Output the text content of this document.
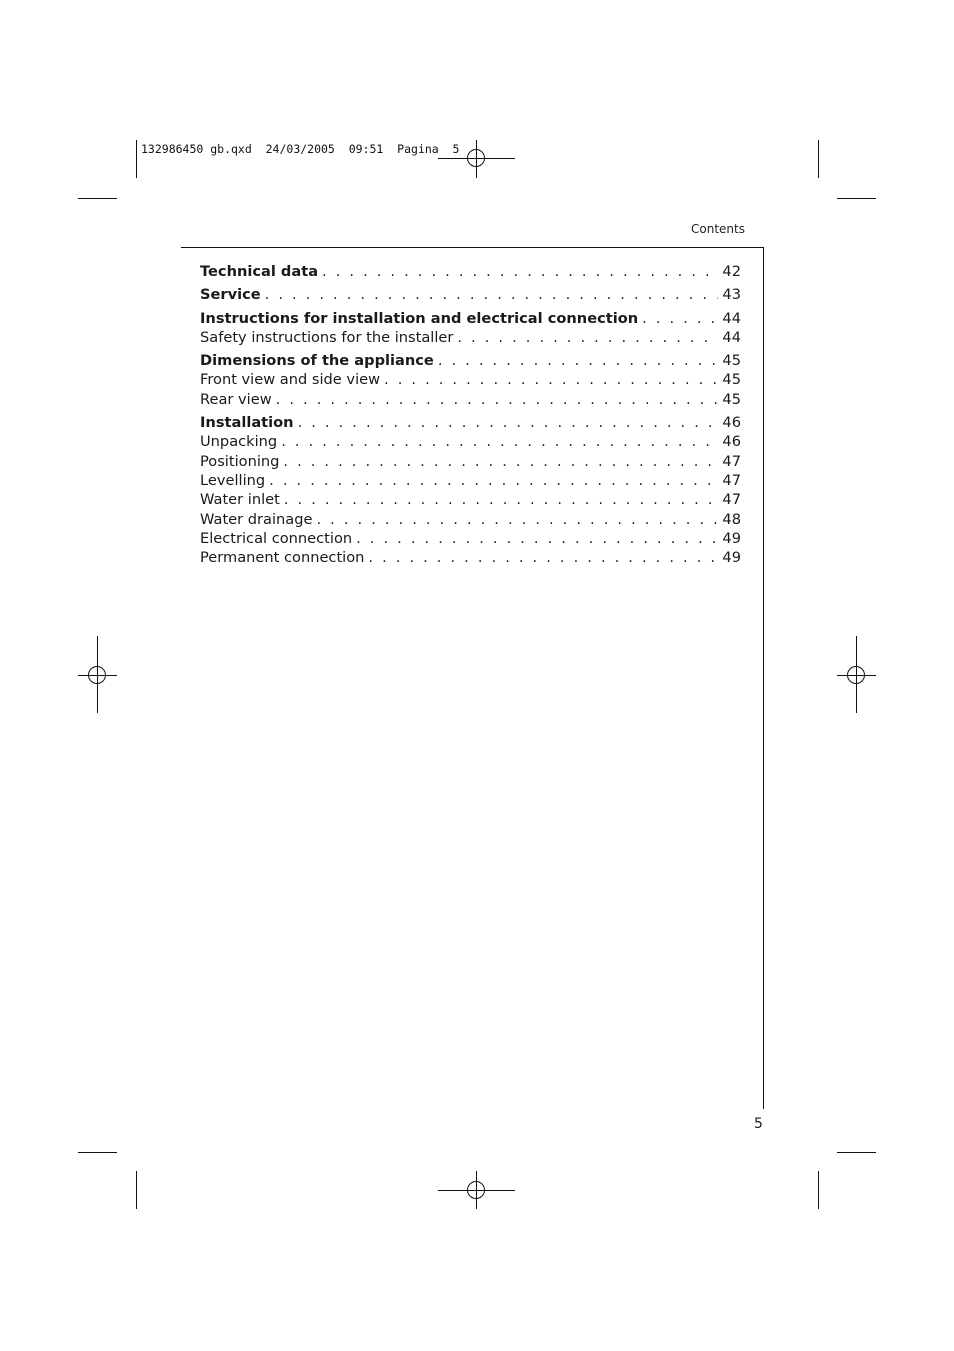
132986450 gb.qxd  24/03/2005  09:51  Pagina  5
Contents
Technical data . . .	42
Service . . .	43
Instructions for installation and electrical connection . . .	44
Safety instructions for the installer . . .	44
Dimensions of the appliance . . .	45
Front view and side view . . .	45
Rear view . . .	45
Installation . . .	46
Unpacking . . .	46
Positioning . . .	47
Levelling . . .	47
Water inlet . . .	47
Water drainage . . .	48
Electrical connection . . .	49
Permanent connection . . .	49
5
